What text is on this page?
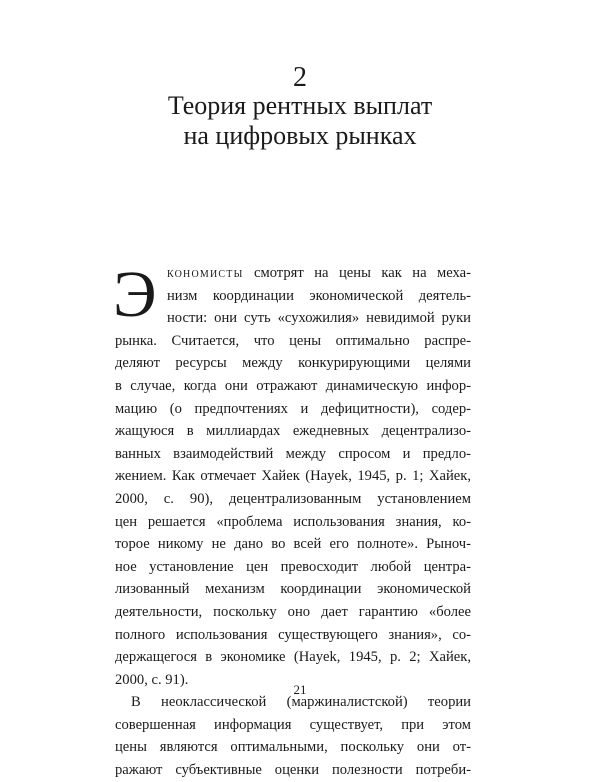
2
Теория рентных выплат
на цифровых рынках
Э кономисты смотрят на цены как на меха-
низм координации экономической деятель-
ности: они суть «сухожилия» невидимой руки
рынка. Считается, что цены оптимально распре-
деляют ресурсы между конкурирующими целями
в случае, когда они отражают динамическую инфор-
мацию (о предпочтениях и дефицитности), содер-
жащуюся в миллиардах ежедневных децентрализо-
ванных взаимодействий между спросом и предло-
жением. Как отмечает Хайек (Hayek, 1945, p. 1; Хайек,
2000, с. 90), децентрализованным установлением
цен решается «проблема использования знания, ко-
торое никому не дано во всей его полноте». Рыноч-
ное установление цен превосходит любой центра-
лизованный механизм координации экономической
деятельности, поскольку оно дает гарантию «более
полного использования существующего знания», со-
держащегося в экономике (Hayek, 1945, p. 2; Хайек,
2000, с. 91).
В неоклассической (маржиналистской) теории
совершенная информация существует, при этом
цены являются оптимальными, поскольку они от-
ражают субъективные оценки полезности потреби-
21
